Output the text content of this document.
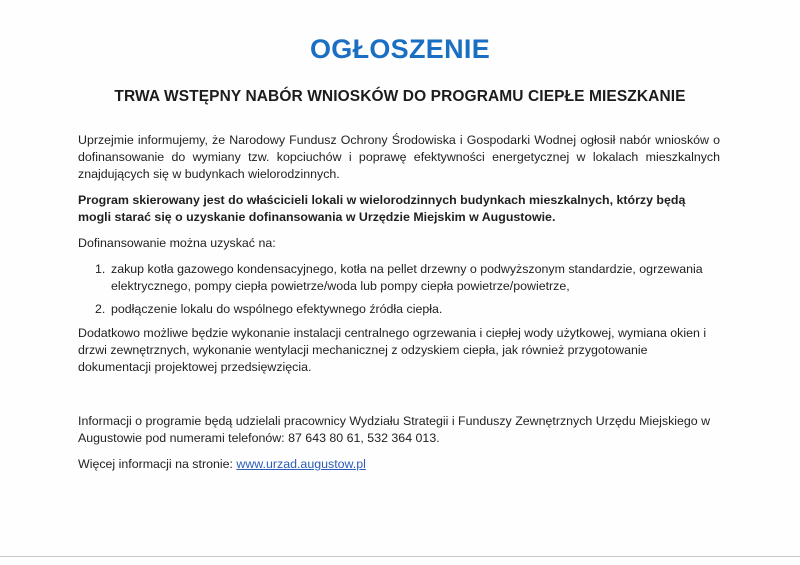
OGŁOSZENIE
TRWA WSTĘPNY NABÓR WNIOSKÓW DO PROGRAMU CIEPŁE MIESZKANIE

Uprzejmie informujemy, że Narodowy Fundusz Ochrony Środowiska i Gospodarki Wodnej ogłosił nabór wniosków o dofinansowanie do wymiany tzw. kopciuchów i poprawę efektywności energetycznej w lokalach mieszkalnych znajdujących się w budynkach wielorodzinnych.

Program skierowany jest do właścicieli lokali w wielorodzinnych budynkach mieszkalnych, którzy będą mogli starać się o uzyskanie dofinansowania w Urzędzie Miejskim w Augustowie.

Dofinansowanie można uzyskać na:

1. zakup kotła gazowego kondensacyjnego, kotła na pellet drzewny o podwyższonym standardzie, ogrzewania elektrycznego, pompy ciepła powietrze/woda lub pompy ciepła powietrze/powietrze,
2. podłączenie lokalu do wspólnego efektywnego źródła ciepła.

Dodatkowo możliwe będzie wykonanie instalacji centralnego ogrzewania i ciepłej wody użytkowej, wymiana okien i drzwi zewnętrznych, wykonanie wentylacji mechanicznej z odzyskiem ciepła, jak również przygotowanie dokumentacji projektowej przedsięwzięcia.

Informacji o programie będą udzielali pracownicy Wydziału Strategii i Funduszy Zewnętrznych Urzędu Miejskiego w Augustowie pod numerami telefonów: 87 643 80 61, 532 364 013.

Więcej informacji na stronie: www.urzad.augustow.pl
